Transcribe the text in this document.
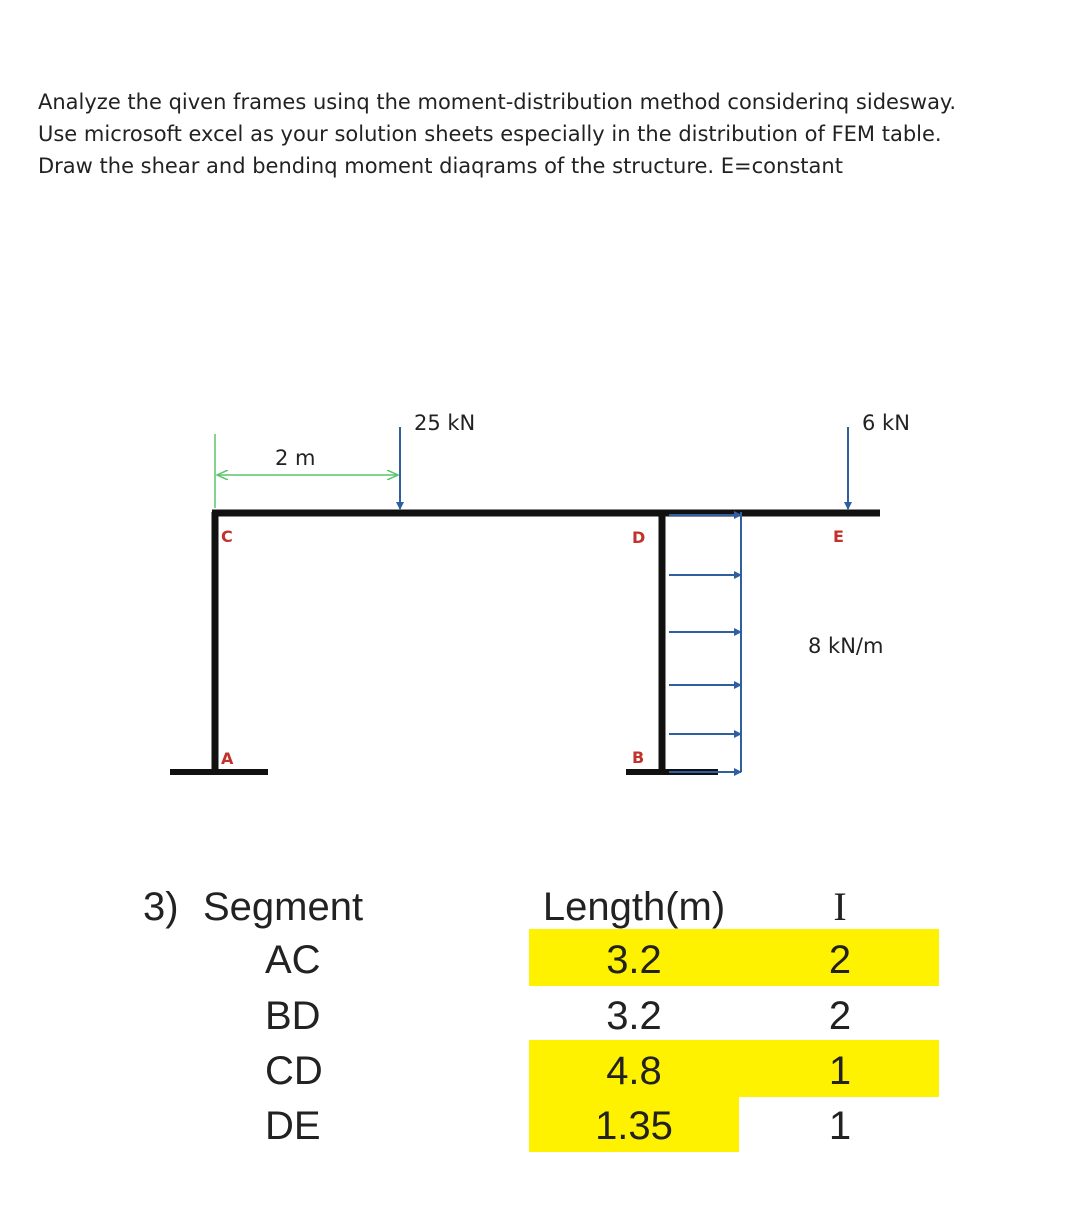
Analyze the qiven frames usinq the moment-distribution method considerinq sidesway.
Use microsoft excel as your solution sheets especially in the distribution of FEM table.
Draw the shear and bendinq moment diaqrams of the structure. E=constant
2 m
25 kN	6 kN
8 kN/m
C
A
D
B
E
3) Segment	Length(m)	I
AC	3.2	2
BD	3.2	2
CD	4.8	1
DE	1.35	1
